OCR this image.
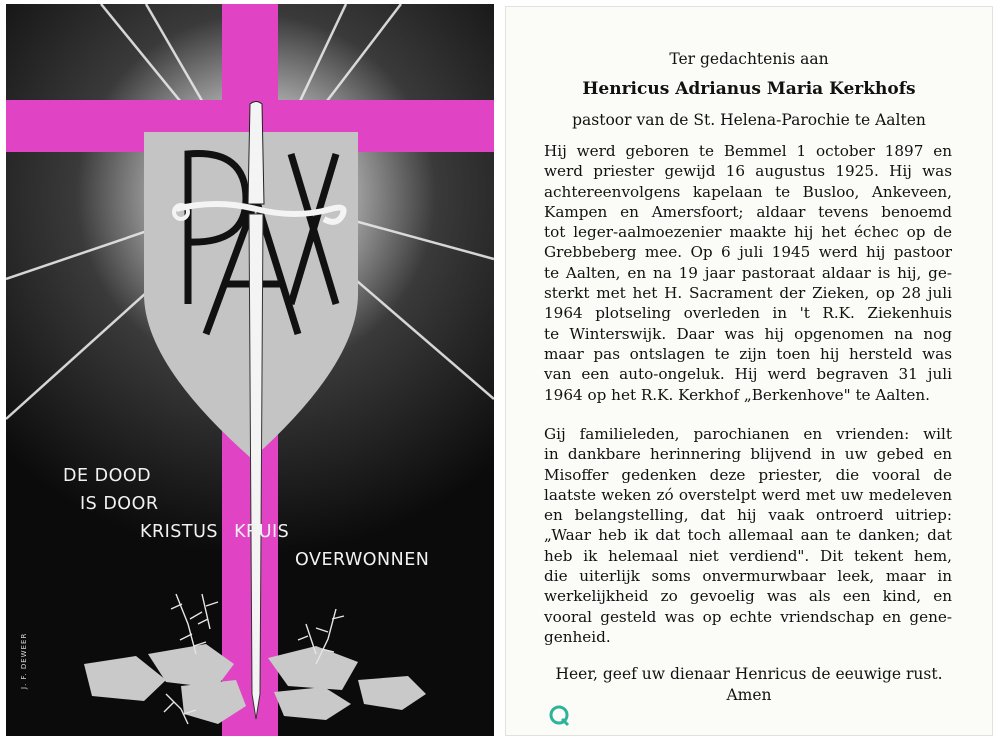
DE DOOD
IS DOOR
KRISTUS KRUIS
OVERWONNEN
J. F. DEWEER
Ter gedachtenis aan
Henricus Adrianus Maria Kerkhofs
pastoor van de St. Helena-Parochie te Aalten
Hij werd geboren te Bemmel 1 october 1897 en
werd priester gewijd 16 augustus 1925. Hij was
achtereenvolgens kapelaan te Busloo, Ankeveen,
Kampen en Amersfoort; aldaar tevens benoemd
tot leger-aalmoezenier maakte hij het échec op de
Grebbeberg mee. Op 6 juli 1945 werd hij pastoor
te Aalten, en na 19 jaar pastoraat aldaar is hij, ge-
sterkt met het H. Sacrament der Zieken, op 28 juli
1964 plotseling overleden in 't R.K. Ziekenhuis
te Winterswijk. Daar was hij opgenomen na nog
maar pas ontslagen te zijn toen hij hersteld was
van een auto-ongeluk. Hij werd begraven 31 juli
1964 op het R.K. Kerkhof „Berkenhove" te Aalten.
Gij familieleden, parochianen en vrienden: wilt
in dankbare herinnering blijvend in uw gebed en
Misoffer gedenken deze priester, die vooral de
laatste weken zó overstelpt werd met uw medeleven
en belangstelling, dat hij vaak ontroerd uitriep:
„Waar heb ik dat toch allemaal aan te danken; dat
heb ik helemaal niet verdiend". Dit tekent hem,
die uiterlijk soms onvermurwbaar leek, maar in
werkelijkheid zo gevoelig was als een kind, en
vooral gesteld was op echte vriendschap en gene-
genheid.
Heer, geef uw dienaar Henricus de eeuwige rust.
Amen
